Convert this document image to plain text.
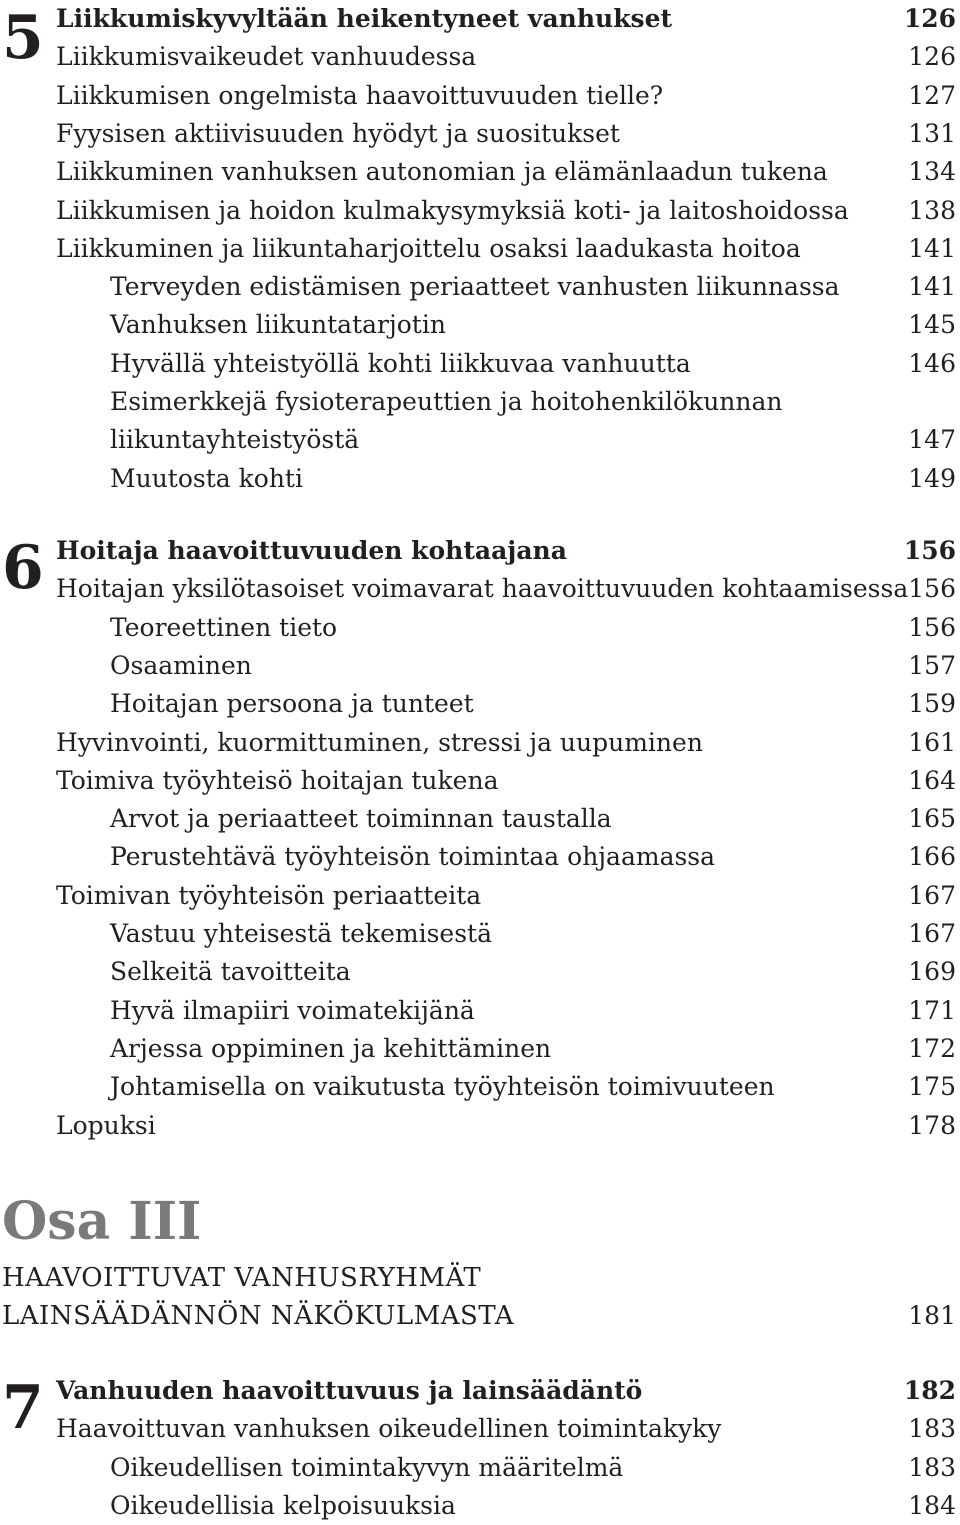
5 Liikkumiskyvyltään heikentyneet vanhukset	126
Liikkumisvaikeudet vanhuudessa	126
Liikkumisen ongelmista haavoittuvuuden tielle?	127
Fyysisen aktiivisuuden hyödyt ja suositukset	131
Liikkuminen vanhuksen autonomian ja elämänlaadun tukena	134
Liikkumisen ja hoidon kulmakysymyksiä koti- ja laitoshoidossa 138
Liikkuminen ja liikuntaharjoittelu osaksi laadukasta hoitoa	141
Terveyden edistämisen periaatteet vanhusten liikunnassa	141
Vanhuksen liikuntatarjotin	145
Hyvällä yhteistyöllä kohti liikkuvaa vanhuutta	146
Esimerkkejä fysioterapeuttien ja hoitohenkilökunnan
liikuntayhteistyöstä	147
Muutosta kohti	149
6 Hoitaja haavoittuvuuden kohtaajana	156
Hoitajan yksilötasoiset voimavarat haavoittuvuuden kohtaamisessa 156
Teoreettinen tieto	156
Osaaminen	157
Hoitajan persoona ja tunteet	159
Hyvinvointi, kuormittuminen, stressi ja uupuminen	161
Toimiva työyhteisö hoitajan tukena	164
Arvot ja periaatteet toiminnan taustalla	165
Perustehtävä työyhteisön toimintaa ohjaamassa	166
Toimivan työyhteisön periaatteita	167
Vastuu yhteisestä tekemisestä	167
Selkeitä tavoitteita	169
Hyvä ilmapiiri voimatekijänä	171
Arjessa oppiminen ja kehittäminen	172
Johtamisella on vaikutusta työyhteisön toimivuuteen	175
Lopuksi	178
7 Vanhuuden haavoittuvuus ja lainsäädäntö	182
Haavoittuvan vanhuksen oikeudellinen toimintakyky	183
Oikeudellisen toimintakyvyn määritelmä	183
Oikeudellisia kelpoisuuksia	184
Osa III
HAAVOITTUVAT VANHUSRYHMÄT
LAINSÄÄDÄNNÖN NÄKÖKULMASTA	181
